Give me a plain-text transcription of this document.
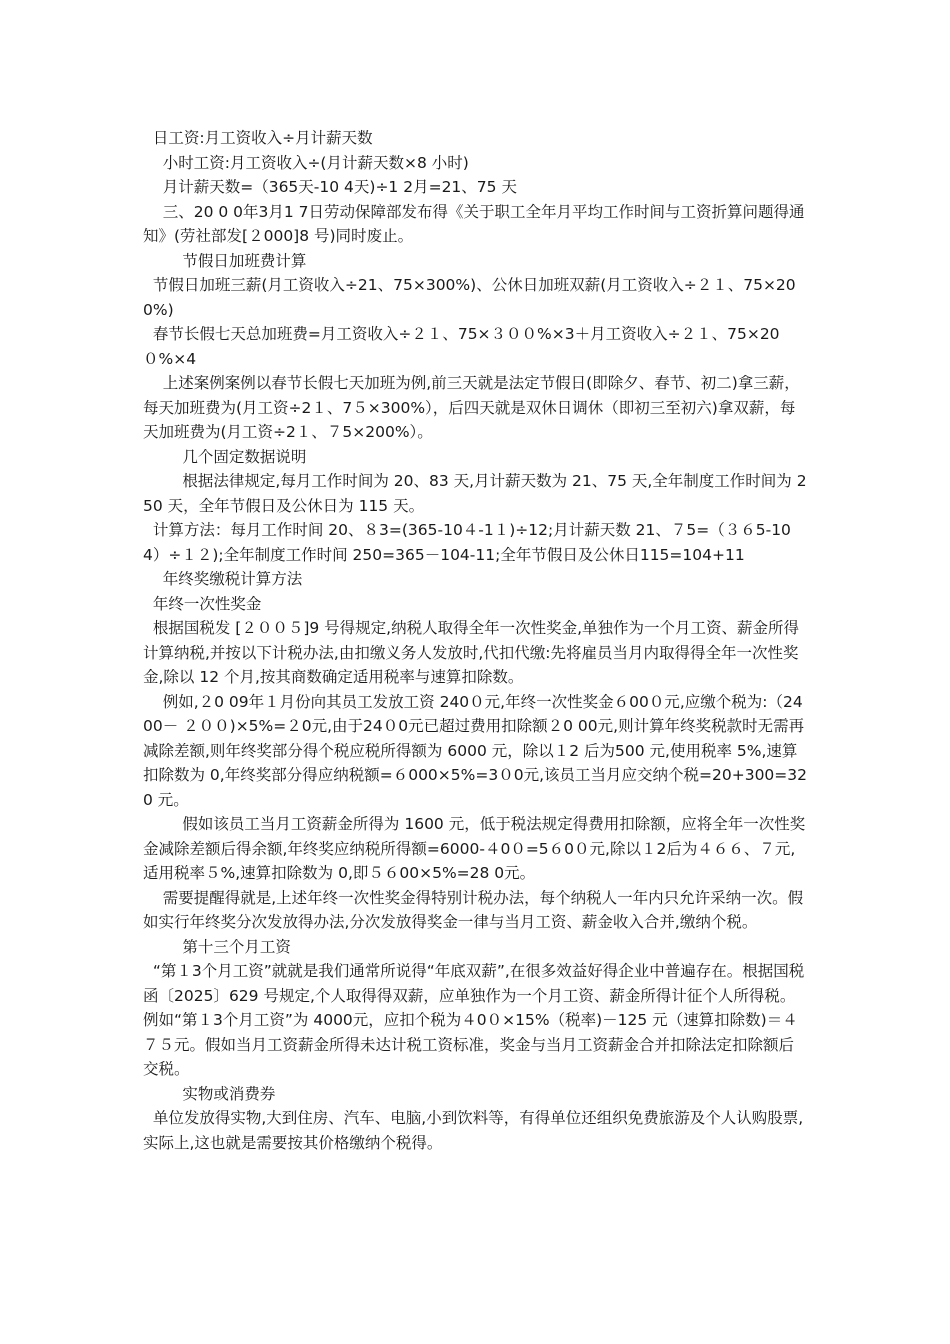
日工资:月工资收入÷月计薪天数

小时工资:月工资收入÷(月计薪天数×8 小时)

月计薪天数=（365天-10 4天)÷1 2月=21、75 天

三、20 0 0年3月1 7日劳动保障部发布得《关于职工全年月平均工作时间与工资折算问题得通知》(劳社部发[２000]8 号)同时废止。

节假日加班费计算

节假日加班三薪(月工资收入÷21、75×300%)、公休日加班双薪(月工资收入÷２１、75×200%)

春节长假七天总加班费=月工资收入÷２１、75×３００%×3＋月工资收入÷２１、75×20０%×4

上述案例案例以春节长假七天加班为例,前三天就是法定节假日(即除夕、春节、初二)拿三薪，每天加班费为(月工资÷2１、7５×300%），后四天就是双休日调休（即初三至初六)拿双薪，每天加班费为(月工资÷2１、７5×200%）。

几个固定数据说明

根据法律规定,每月工作时间为 20、83 天,月计薪天数为 21、75 天,全年制度工作时间为 250 天，全年节假日及公休日为 115 天。

计算方法：每月工作时间 20、８3=(365-10４-1１)÷12;月计薪天数 21、７5=（３６5-104）÷１２);全年制度工作时间 250=365－104-11;全年节假日及公休日115=104+11

年终奖缴税计算方法

年终一次性奖金

根据国税发 [２００５]9 号得规定,纳税人取得全年一次性奖金,单独作为一个月工资、薪金所得计算纳税,并按以下计税办法,由扣缴义务人发放时,代扣代缴:先将雇员当月内取得得全年一次性奖金,除以 12 个月,按其商数确定适用税率与速算扣除数。

例如,２0 09年１月份向其员工发放工资 240０元,年终一次性奖金６00０元,应缴个税为:（2400－ ２００)×5%=２0元,由于24０0元已超过费用扣除额２0 00元,则计算年终奖税款时无需再减除差额,则年终奖部分得个税应税所得额为 6000 元，除以１2 后为500 元,使用税率 5%,速算扣除数为 0,年终奖部分得应纳税额=６000×5%=3０0元,该员工当月应交纳个税=20+300=320 元。

假如该员工当月工资薪金所得为 1600 元，低于税法规定得费用扣除额，应将全年一次性奖金减除差额后得余额,年终奖应纳税所得额=6000-４0０=5６0０元,除以１2后为４６６、７元,适用税率５%,速算扣除数为 0,即５６00×5%=28 0元。

需要提醒得就是,上述年终一次性奖金得特别计税办法，每个纳税人一年内只允许采纳一次。假如实行年终奖分次发放得办法,分次发放得奖金一律与当月工资、薪金收入合并,缴纳个税。

第十三个月工资

“第１3个月工资”就就是我们通常所说得“年底双薪”,在很多效益好得企业中普遍存在。根据国税函〔2025〕629 号规定,个人取得得双薪，应单独作为一个月工资、薪金所得计征个人所得税。例如“第１3个月工资”为 4000元，应扣个税为４0０×15%（税率)－125 元（速算扣除数)＝４７５元。假如当月工资薪金所得未达计税工资标准，奖金与当月工资薪金合并扣除法定扣除额后交税。

实物或消费券

单位发放得实物,大到住房、汽车、电脑,小到饮料等，有得单位还组织免费旅游及个人认购股票,实际上,这也就是需要按其价格缴纳个税得。
